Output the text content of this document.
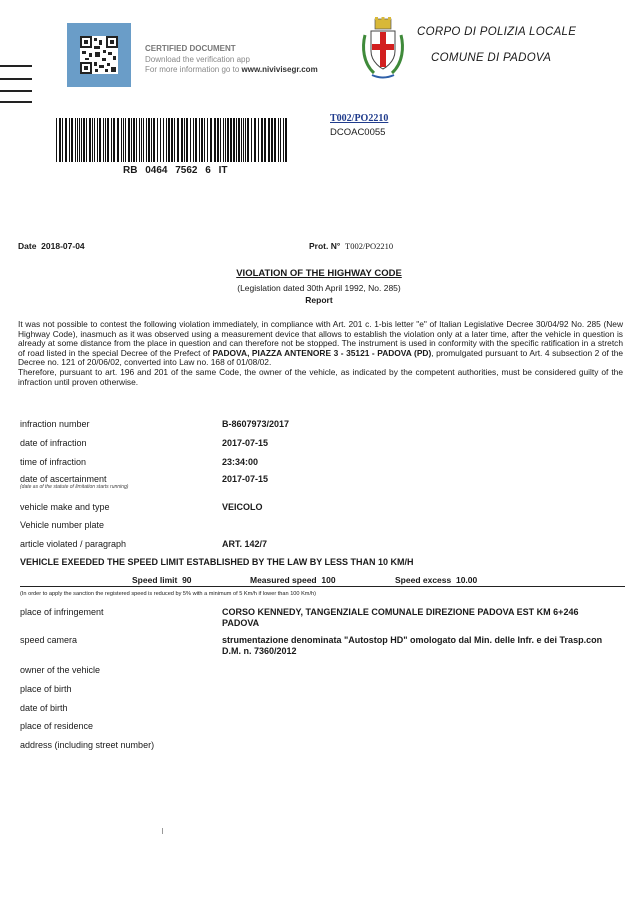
CERTIFIED DOCUMENT
Download the verification app
For more information go to www.nivivisegr.com
CORPO DI POLIZIA LOCALE
COMUNE DI PADOVA
RB 0464 7562 6 IT
T002/PO2210
DCOAC0055
Date 2018-07-04	Prot. N° T002/PO2210
VIOLATION OF THE HIGHWAY CODE
(Legislation dated 30th April 1992, No. 285)
Report

It was not possible to contest the following violation immediately, in compliance with Art. 201 c. 1-bis letter "e" of Italian Legislative Decree 30/04/92 No. 285 (New Highway Code), inasmuch as it was observed using a measurement device that allows to establish the violation only at a later time, after the vehicle in question is already at some distance from the place in question and can therefore not be stopped. The instrument is used in conformity with the specific ratification in a stretch of road listed in the special Decree of the Prefect of PADOVA, PIAZZA ANTENORE 3 - 35121 - PADOVA (PD), promulgated pursuant to Art. 4 subsection 2 of the Decree no. 121 of 20/06/02, converted into Law no. 168 of 01/08/02.

Therefore, pursuant to art. 196 and 201 of the same Code, the owner of the vehicle, as indicated by the competent authorities, must be considered guilty of the infraction until proven otherwise.

infraction number	B-8607973/2017
date of infraction	2017-07-15
time of infraction	23:34:00
date of ascertainment
(date as of the statute of limitation starts running)
2017-07-15
vehicle make and type	VEICOLO
Vehicle number plate
article violated / paragraph	ART. 142/7
VEHICLE EXEEDED THE SPEED LIMIT ESTABLISHED BY THE LAW BY LESS THAN 10 KM/H
Speed limit 90	Measured speed 100	Speed excess 10.00
(In order to apply the sanction the registered speed is reduced by 5% with a minimum of 5 Km/h if lower than 100 Km/h)
place of infringement	CORSO KENNEDY, TANGENZIALE COMUNALE DIREZIONE PADOVA EST KM 6+246 PADOVA
speed camera	strumentazione denominata "Autostop HD" omologato dal Min. delle Infr. e dei Trasp.con D.M. n. 7360/2012
owner of the vehicle
place of birth
date of birth
place of residence
address (including street number)
